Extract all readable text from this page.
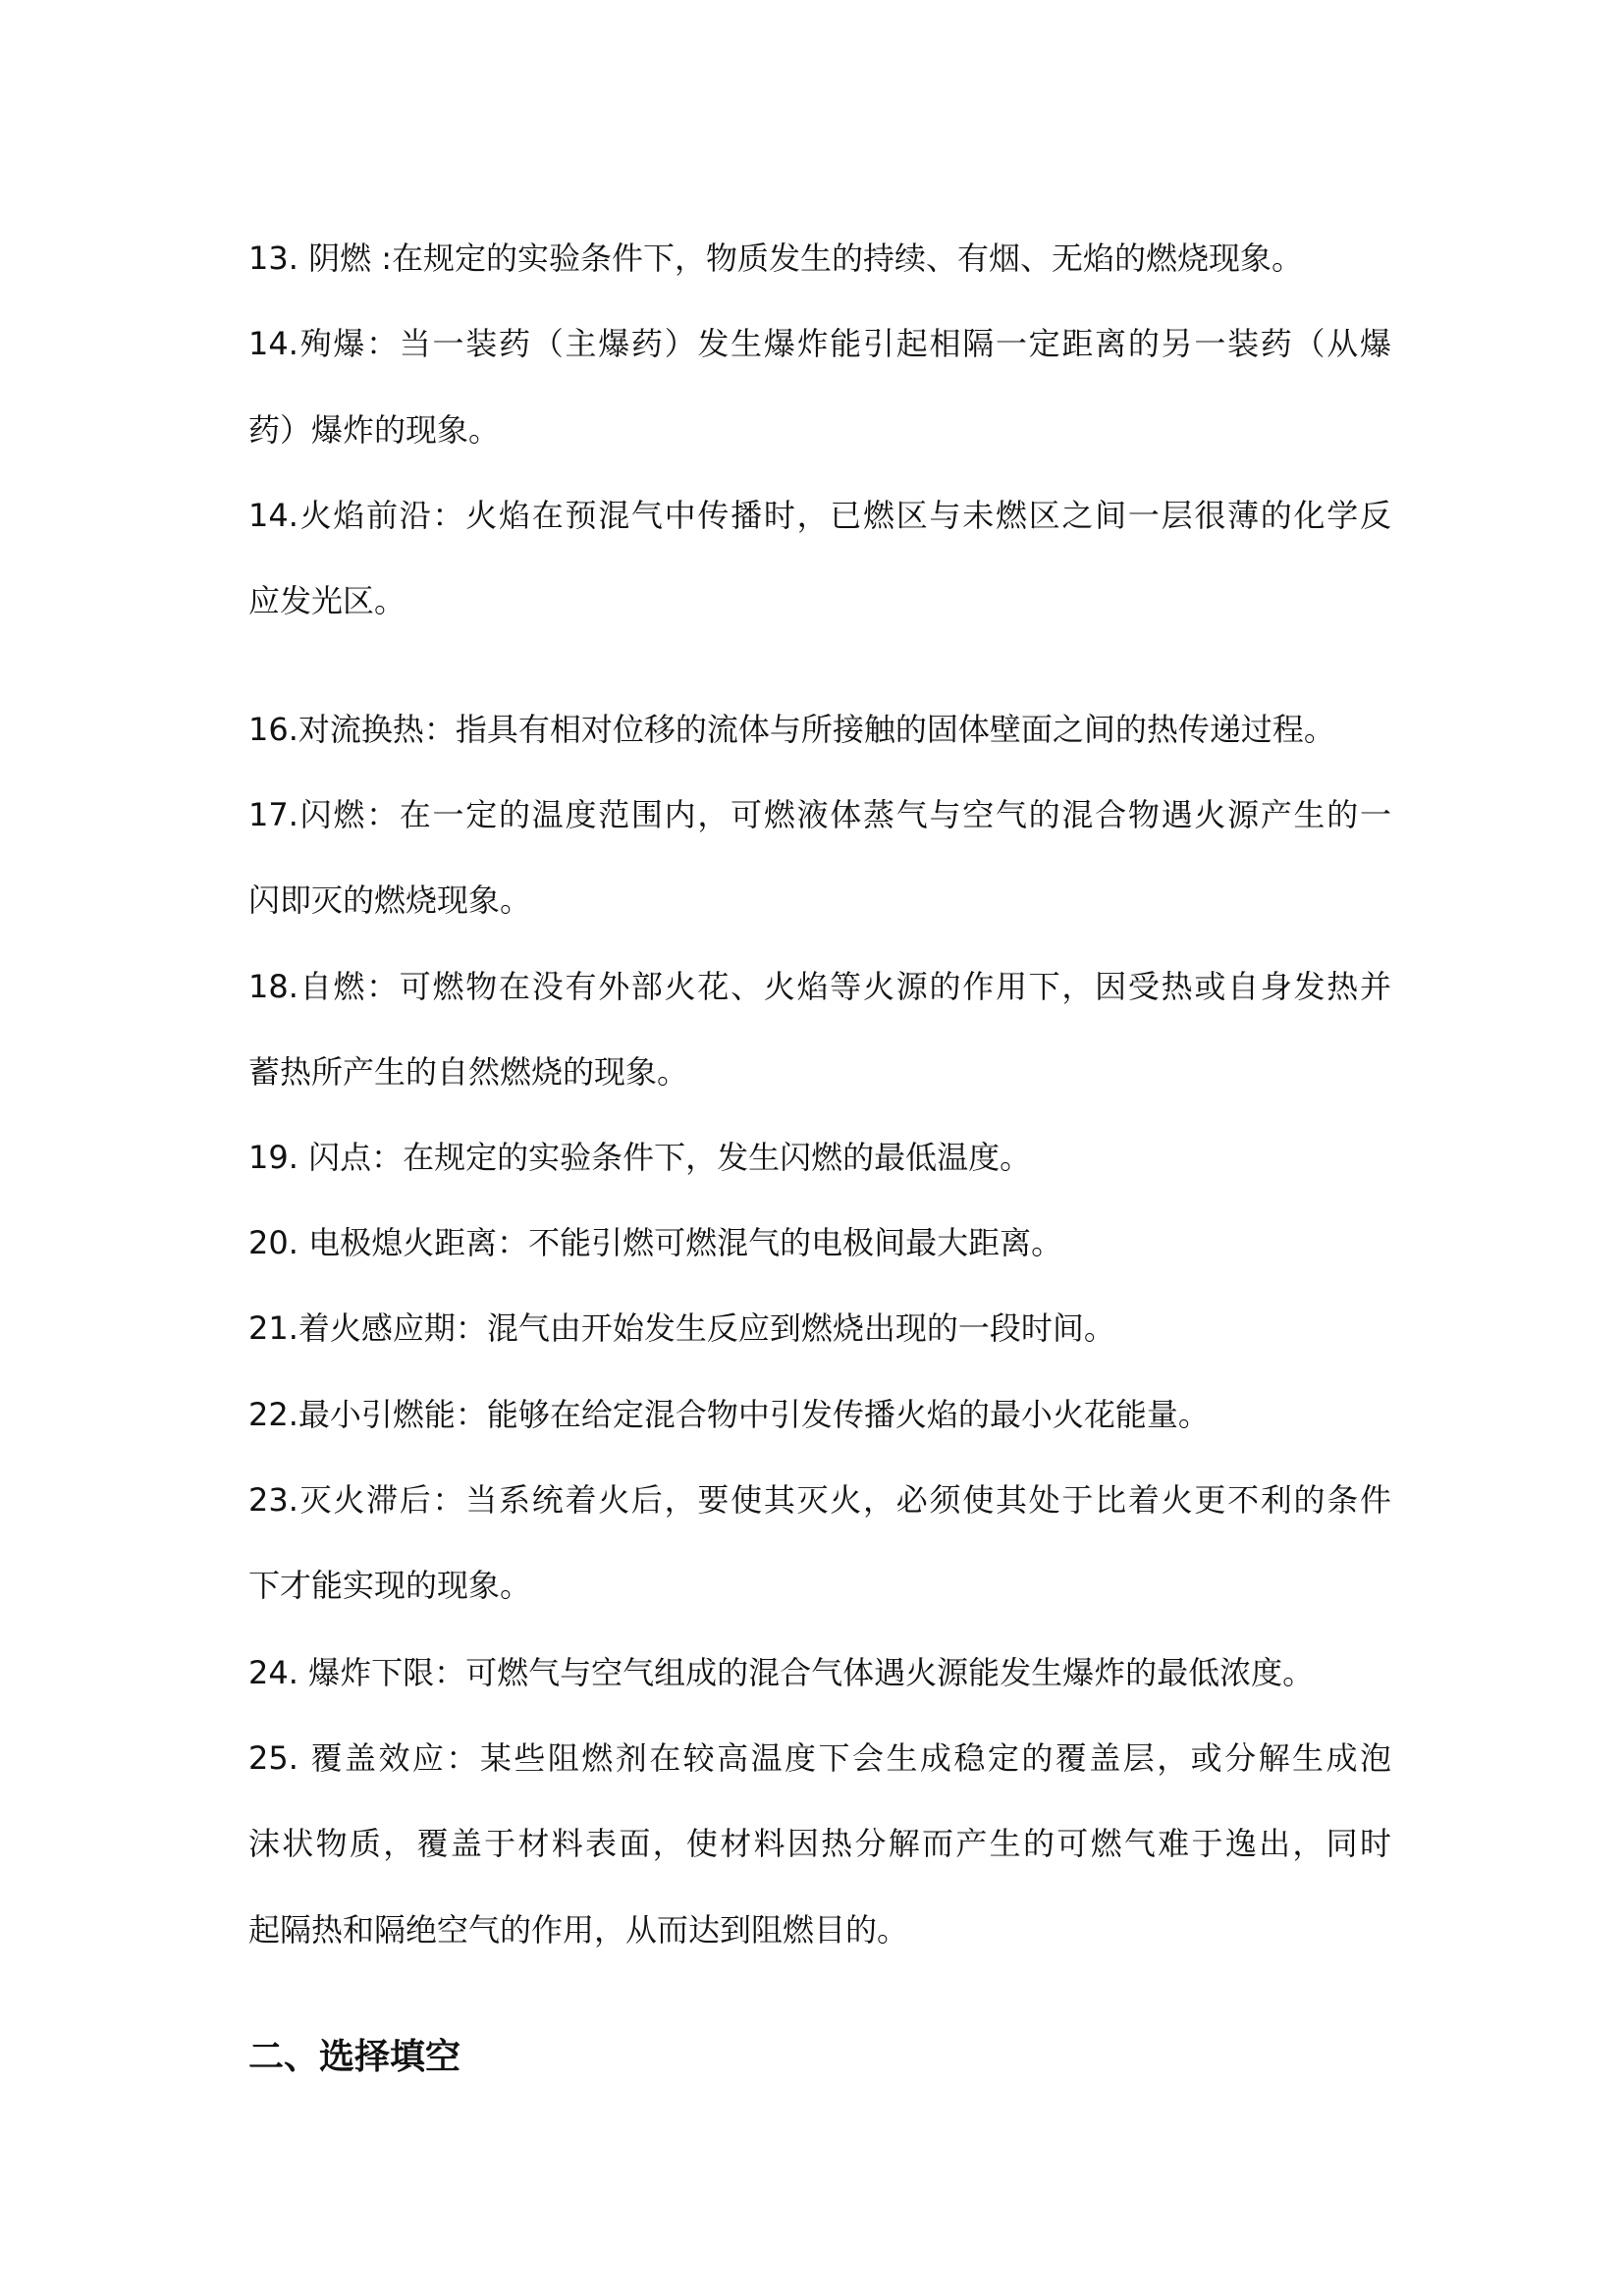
13. 阴燃 :在规定的实验条件下，物质发生的持续、有烟、无焰的燃烧现象。
14.殉爆：当一装药（主爆药）发生爆炸能引起相隔一定距离的另一装药（从爆
药）爆炸的现象。
14.火焰前沿：火焰在预混气中传播时，已燃区与未燃区之间一层很薄的化学反
应发光区。
16.对流换热：指具有相对位移的流体与所接触的固体壁面之间的热传递过程。
17.闪燃：在一定的温度范围内，可燃液体蒸气与空气的混合物遇火源产生的一
闪即灭的燃烧现象。
18.自燃：可燃物在没有外部火花、火焰等火源的作用下，因受热或自身发热并
蓄热所产生的自然燃烧的现象。
19. 闪点：在规定的实验条件下，发生闪燃的最低温度。
20. 电极熄火距离：不能引燃可燃混气的电极间最大距离。
21.着火感应期：混气由开始发生反应到燃烧出现的一段时间。
22.最小引燃能：能够在给定混合物中引发传播火焰的最小火花能量。
23.灭火滞后：当系统着火后，要使其灭火，必须使其处于比着火更不利的条件
下才能实现的现象。
24. 爆炸下限：可燃气与空气组成的混合气体遇火源能发生爆炸的最低浓度。
25. 覆盖效应：某些阻燃剂在较高温度下会生成稳定的覆盖层，或分解生成泡
沫状物质，覆盖于材料表面，使材料因热分解而产生的可燃气难于逸出，同时
起隔热和隔绝空气的作用，从而达到阻燃目的。
二、选择填空
